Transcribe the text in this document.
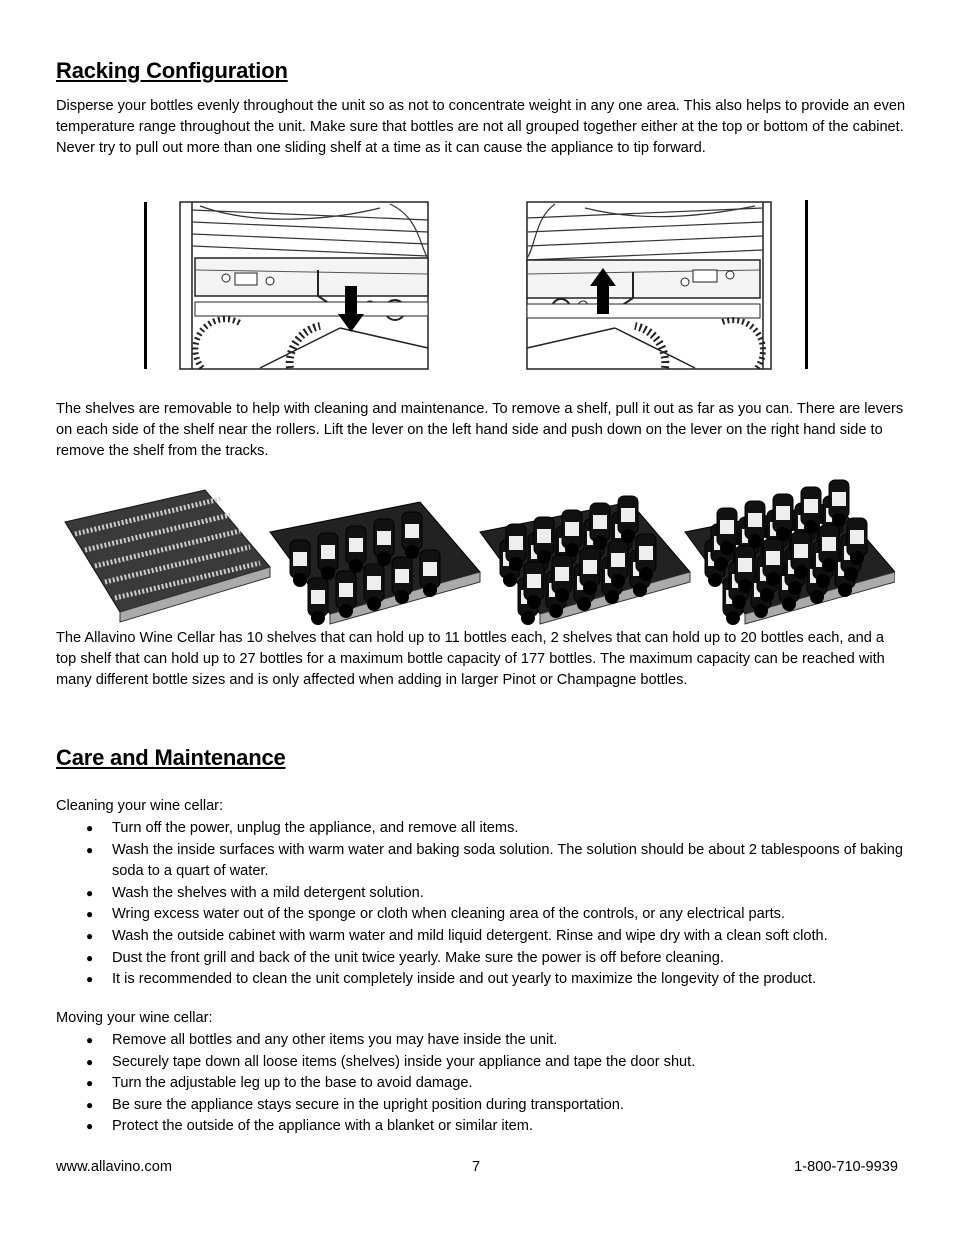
Racking Configuration

Disperse your bottles evenly throughout the unit so as not to concentrate weight in any one area. This also helps to provide an even temperature range throughout the unit. Make sure that bottles are not all grouped together either at the top or bottom of the cabinet. Never try to pull out more than one sliding shelf at a time as it can cause the appliance to tip forward.

The shelves are removable to help with cleaning and maintenance. To remove a shelf, pull it out as far as you can. There are levers on each side of the shelf near the rollers. Lift the lever on the left hand side and push down on the lever on the right hand side to remove the shelf from the tracks.

The Allavino Wine Cellar has 10 shelves that can hold up to 11 bottles each, 2 shelves that can hold up to 20 bottles each, and a top shelf that can hold up to 27 bottles for a maximum bottle capacity of 177 bottles. The maximum capacity can be reached with many different bottle sizes and is only affected when adding in larger Pinot or Champagne bottles.

Care and Maintenance

Cleaning your wine cellar:

● Turn off the power, unplug the appliance, and remove all items.
● Wash the inside surfaces with warm water and baking soda solution. The solution should be about 2 tablespoons of baking soda to a quart of water.
● Wash the shelves with a mild detergent solution.
● Wring excess water out of the sponge or cloth when cleaning area of the controls, or any electrical parts.
● Wash the outside cabinet with warm water and mild liquid detergent. Rinse and wipe dry with a clean soft cloth.
● Dust the front grill and back of the unit twice yearly. Make sure the power is off before cleaning.
● It is recommended to clean the unit completely inside and out yearly to maximize the longevity of the product.

Moving your wine cellar:

● Remove all bottles and any other items you may have inside the unit.
● Securely tape down all loose items (shelves) inside your appliance and tape the door shut.
● Turn the adjustable leg up to the base to avoid damage.
● Be sure the appliance stays secure in the upright position during transportation.
● Protect the outside of the appliance with a blanket or similar item.
www.allavino.com	7	1-800-710-9939
